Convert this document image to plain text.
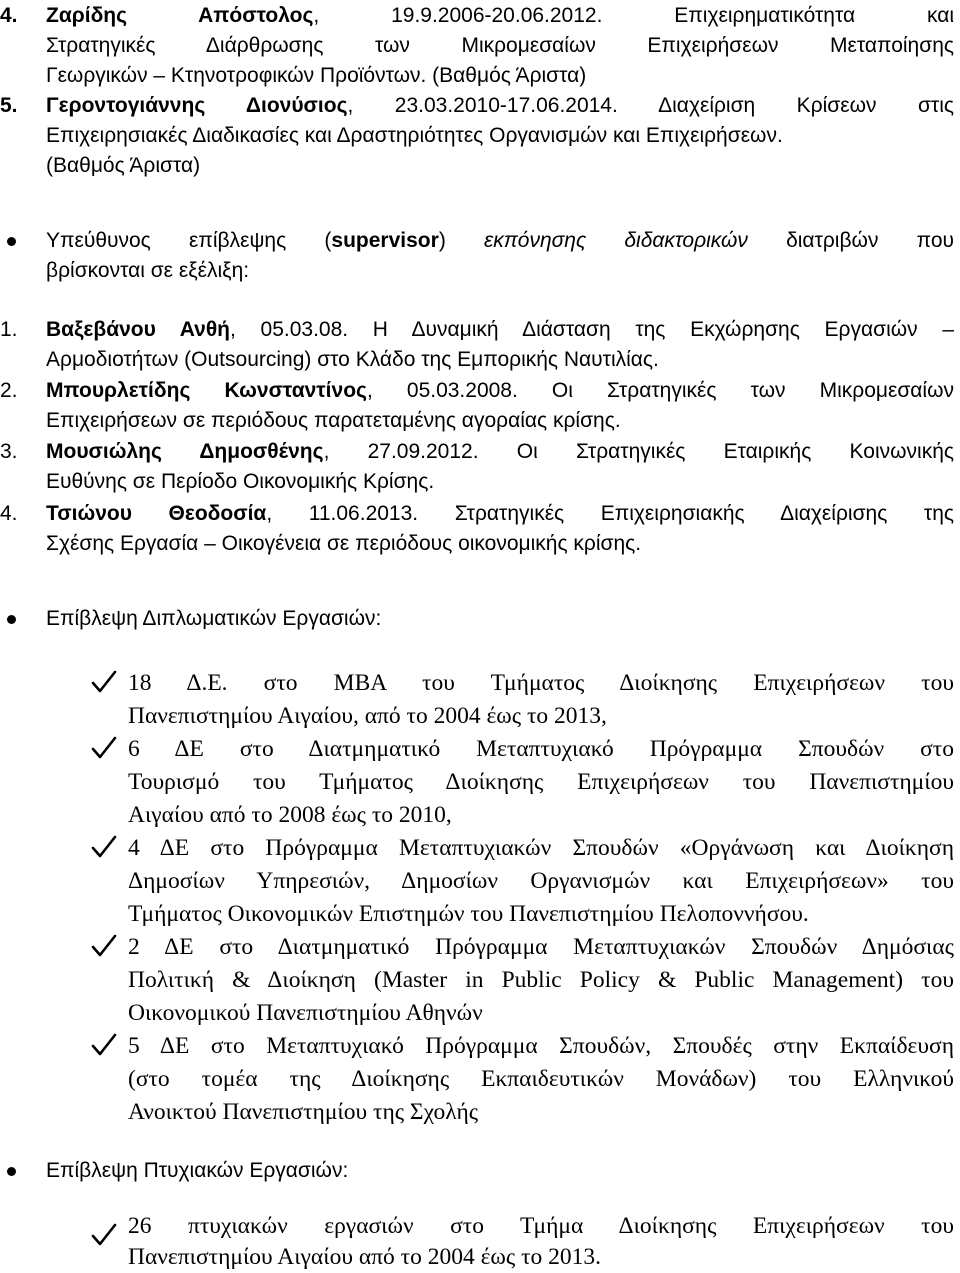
4. Ζαρίδης Απόστολος, 19.9.2006-20.06.2012. Επιχειρηματικότητα και
Στρατηγικές Διάρθρωσης των Μικρομεσαίων Επιχειρήσεων Μεταποίησης
Γεωργικών – Κτηνοτροφικών Προϊόντων. (Βαθμός Άριστα)
5. Γεροντογιάννης Διονύσιος, 23.03.2010-17.06.2014. Διαχείριση Κρίσεων στις
Επιχειρησιακές Διαδικασίες και Δραστηριότητες Οργανισμών και Επιχειρήσεων.
(Βαθμός Άριστα)
Υπεύθυνος επίβλεψης (supervisor) εκπόνησης διδακτορικών διατριβών που
βρίσκονται σε εξέλιξη:
1. Βαξεβάνου Ανθή, 05.03.08. Η Δυναμική Διάσταση της Εκχώρησης Εργασιών –
Αρμοδιοτήτων (Outsourcing) στο Κλάδο της Εμπορικής Ναυτιλίας.
2. Μπουρλετίδης Κωνσταντίνος, 05.03.2008. Οι Στρατηγικές των Μικρομεσαίων
Επιχειρήσεων σε περιόδους παρατεταμένης αγοραίας κρίσης.
3. Μουσιώλης Δημοσθένης, 27.09.2012. Οι Στρατηγικές Εταιρικής Κοινωνικής
Ευθύνης σε Περίοδο Οικονομικής Κρίσης.
4. Τσιώνου Θεοδοσία, 11.06.2013. Στρατηγικές Επιχειρησιακής Διαχείρισης της
Σχέσης Εργασία – Οικογένεια σε περιόδους οικονομικής κρίσης.
Επίβλεψη Διπλωματικών Εργασιών:
18 Δ.Ε. στο ΜΒΑ του Τμήματος Διοίκησης Επιχειρήσεων του
Πανεπιστημίου Αιγαίου, από το 2004 έως το 2013,
6 ΔΕ στο Διατμηματικό Μεταπτυχιακό Πρόγραμμα Σπουδών στο
Τουρισμό του Τμήματος Διοίκησης Επιχειρήσεων του Πανεπιστημίου
Αιγαίου από το 2008 έως το 2010,
4 ΔΕ στο Πρόγραμμα Μεταπτυχιακών Σπουδών «Οργάνωση και Διοίκηση
Δημοσίων Υπηρεσιών, Δημοσίων Οργανισμών και Επιχειρήσεων» του
Τμήματος Οικονομικών Επιστημών του Πανεπιστημίου Πελοποννήσου.
2 ΔΕ στο Διατμηματικό Πρόγραμμα Μεταπτυχιακών Σπουδών Δημόσιας
Πολιτική & Διοίκηση (Master in Public Policy & Public Management) του
Οικονομικού Πανεπιστημίου Αθηνών
5 ΔΕ στο Μεταπτυχιακό Πρόγραμμα Σπουδών, Σπουδές στην Εκπαίδευση
(στο τομέα της Διοίκησης Εκπαιδευτικών Μονάδων) του Ελληνικού
Ανοικτού Πανεπιστημίου της Σχολής
Επίβλεψη Πτυχιακών Εργασιών:
26 πτυχιακών εργασιών στο Τμήμα Διοίκησης Επιχειρήσεων του
Πανεπιστημίου Αιγαίου από το 2004 έως το 2013.
